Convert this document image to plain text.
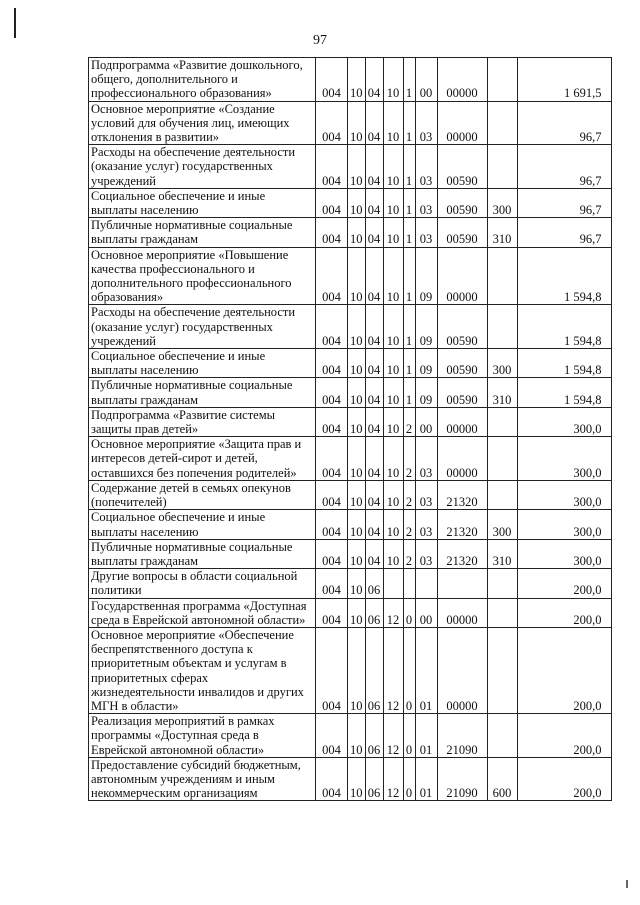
97
Подпрограмма «Развитие дошкольного, общего, дополнительного и профессионального образования»	004	10	04	10	1	00	00000		1 691,5
Основное мероприятие «Создание условий для обучения лиц, имеющих отклонения в развитии»	004	10	04	10	1	03	00000		96,7
Расходы на обеспечение деятельности (оказание услуг) государственных учреждений	004	10	04	10	1	03	00590		96,7
Социальное обеспечение и иные выплаты населению	004	10	04	10	1	03	00590	300	96,7
Публичные нормативные социальные выплаты гражданам	004	10	04	10	1	03	00590	310	96,7
Основное мероприятие «Повышение качества профессионального и дополнительного профессионального образования»	004	10	04	10	1	09	00000		1 594,8
Расходы на обеспечение деятельности (оказание услуг) государственных учреждений	004	10	04	10	1	09	00590		1 594,8
Социальное обеспечение и иные выплаты населению	004	10	04	10	1	09	00590	300	1 594,8
Публичные нормативные социальные выплаты гражданам	004	10	04	10	1	09	00590	310	1 594,8
Подпрограмма «Развитие системы защиты прав детей»	004	10	04	10	2	00	00000		300,0
Основное мероприятие «Защита прав и интересов детей-сирот и детей, оставшихся без попечения родителей»	004	10	04	10	2	03	00000		300,0
Содержание детей в семьях опекунов (попечителей)	004	10	04	10	2	03	21320		300,0
Социальное обеспечение и иные выплаты населению	004	10	04	10	2	03	21320	300	300,0
Публичные нормативные социальные выплаты гражданам	004	10	04	10	2	03	21320	310	300,0
Другие вопросы в области социальной политики	004	10	06						200,0
Государственная программа «Доступная среда в Еврейской автономной области»	004	10	06	12	0	00	00000		200,0
Основное мероприятие «Обеспечение беспрепятственного доступа к приоритетным объектам и услугам в приоритетных сферах жизнедеятельности инвалидов и других МГН в области»	004	10	06	12	0	01	00000		200,0
Реализация мероприятий в рамках программы «Доступная среда в Еврейской автономной области»	004	10	06	12	0	01	21090		200,0
Предоставление субсидий бюджетным, автономным учреждениям и иным некоммерческим организациям	004	10	06	12	0	01	21090	600	200,0
